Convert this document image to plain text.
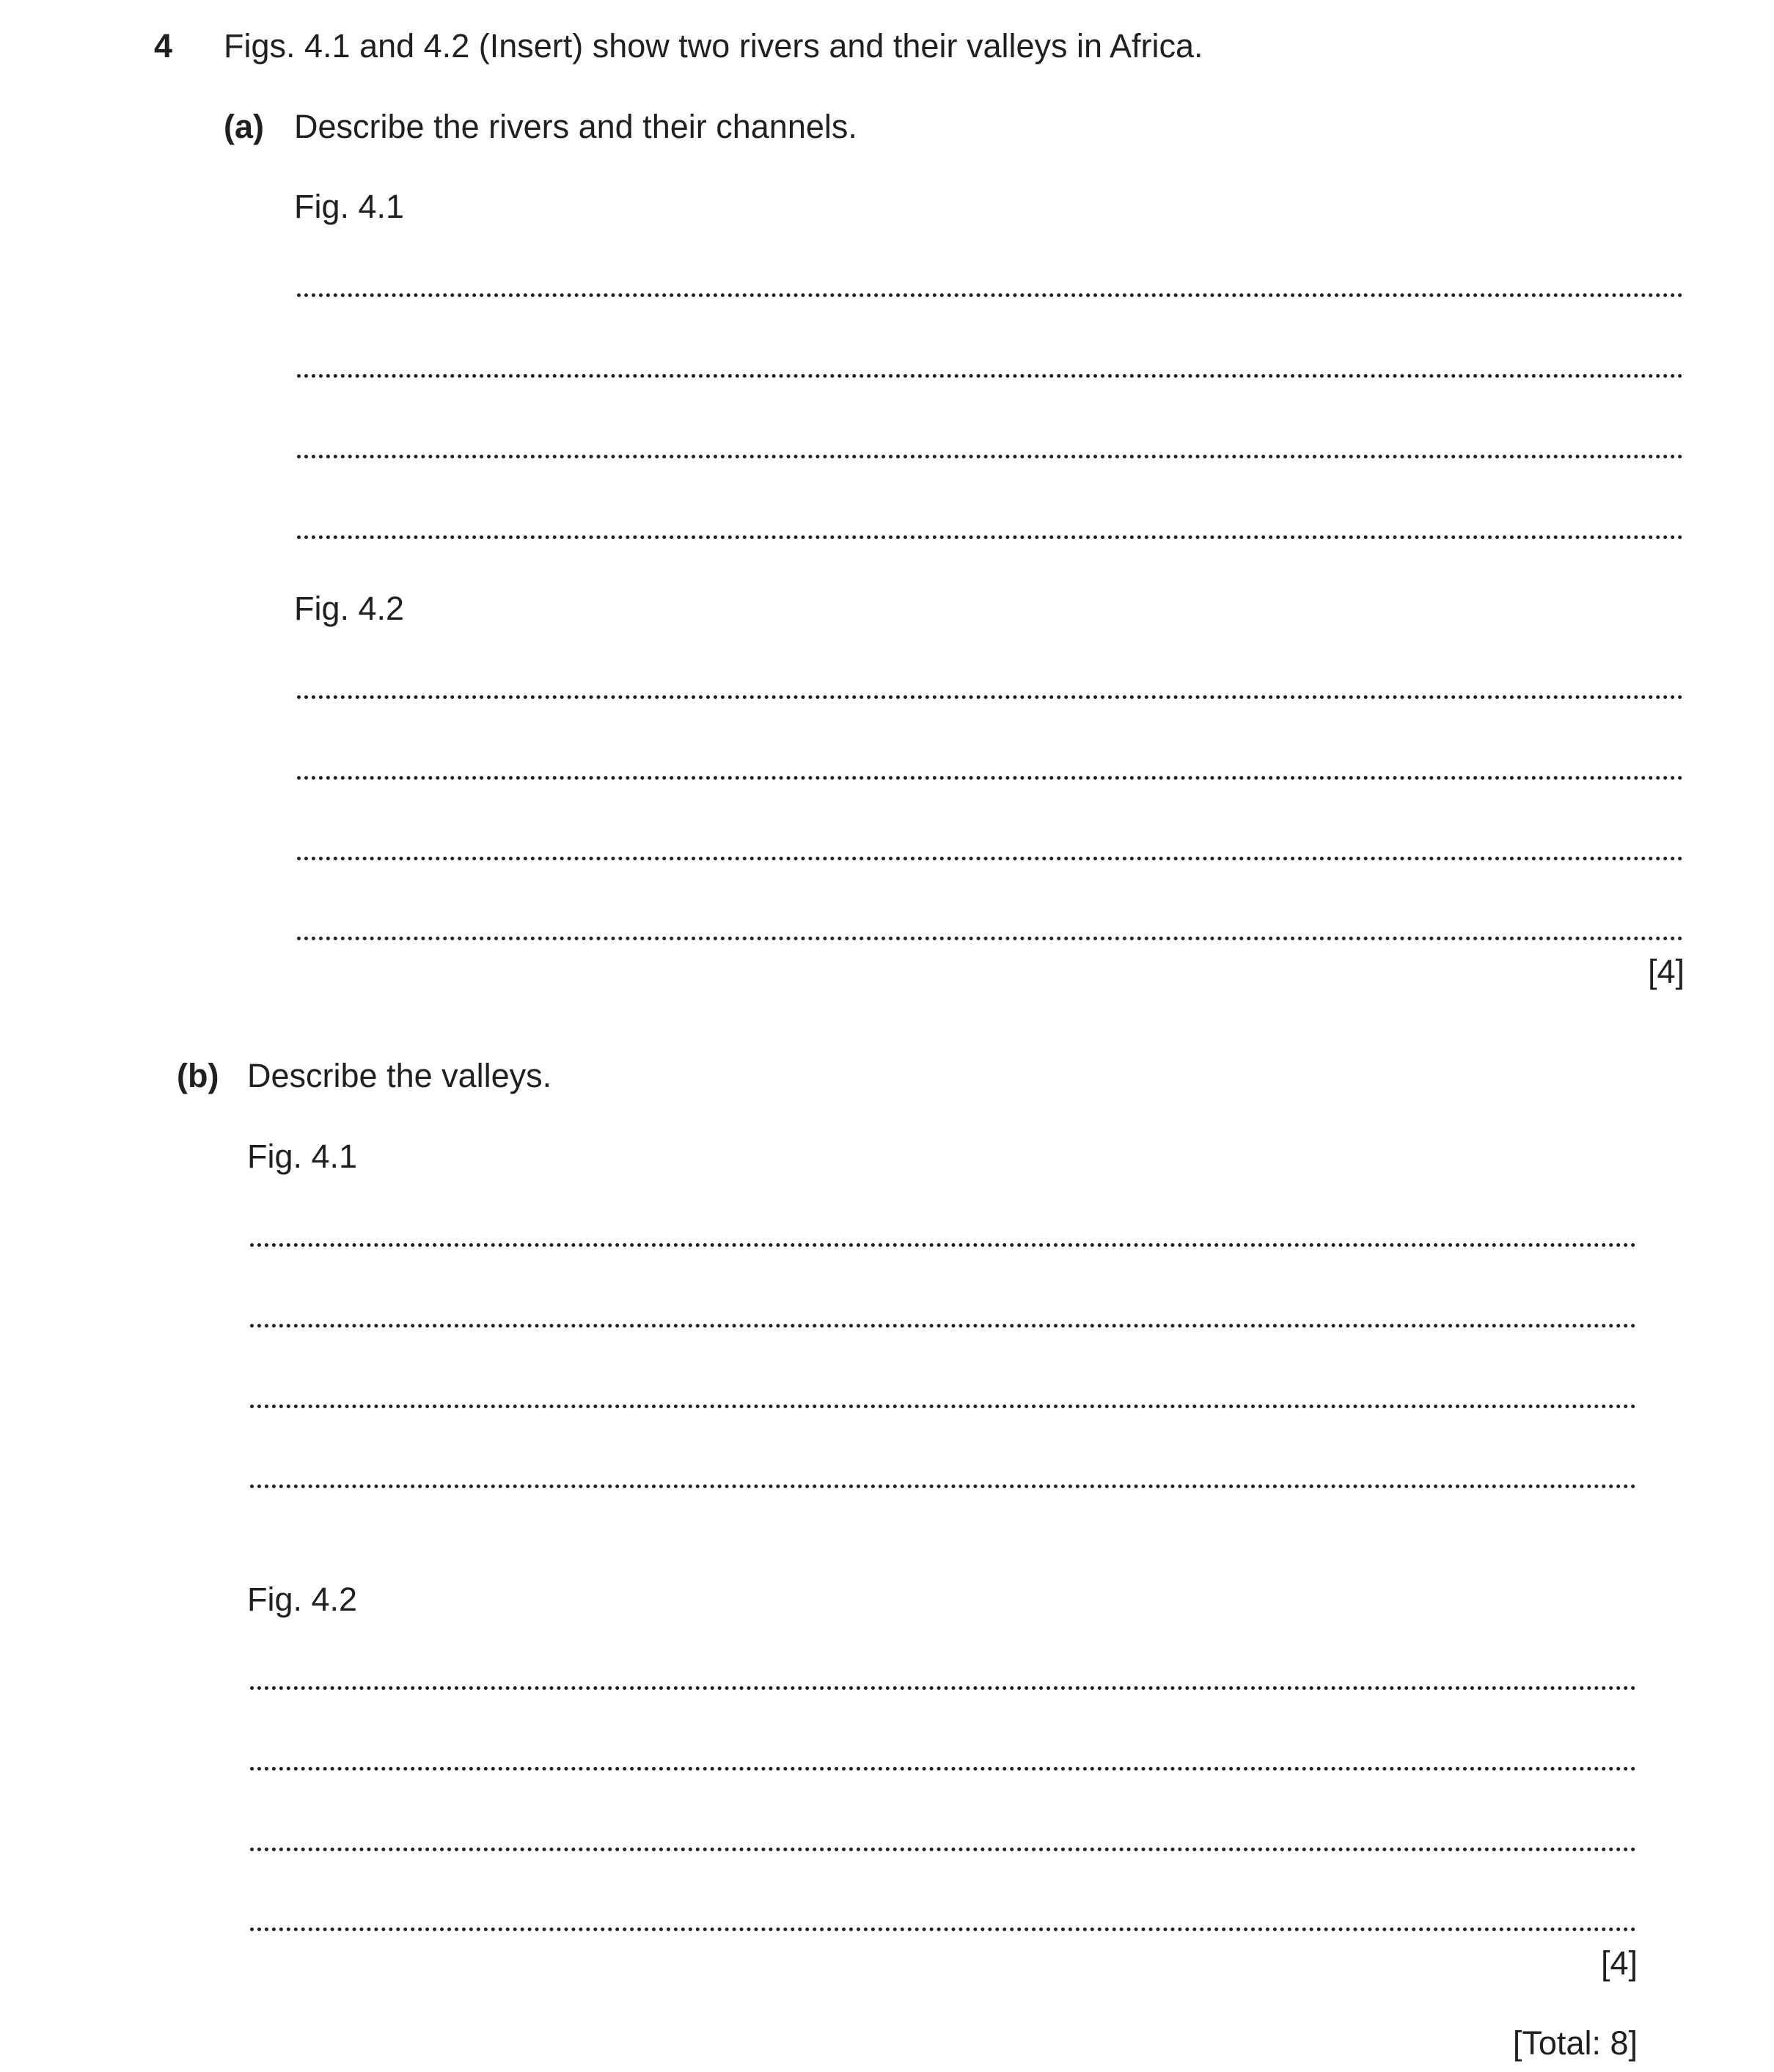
4 Figs. 4.1 and 4.2 (Insert) show two rivers and their valleys in Africa.
(a) Describe the rivers and their channels.
Fig. 4.1
Fig. 4.2
[4]
(b) Describe the valleys.
Fig. 4.1
Fig. 4.2
[4]
[Total: 8]
